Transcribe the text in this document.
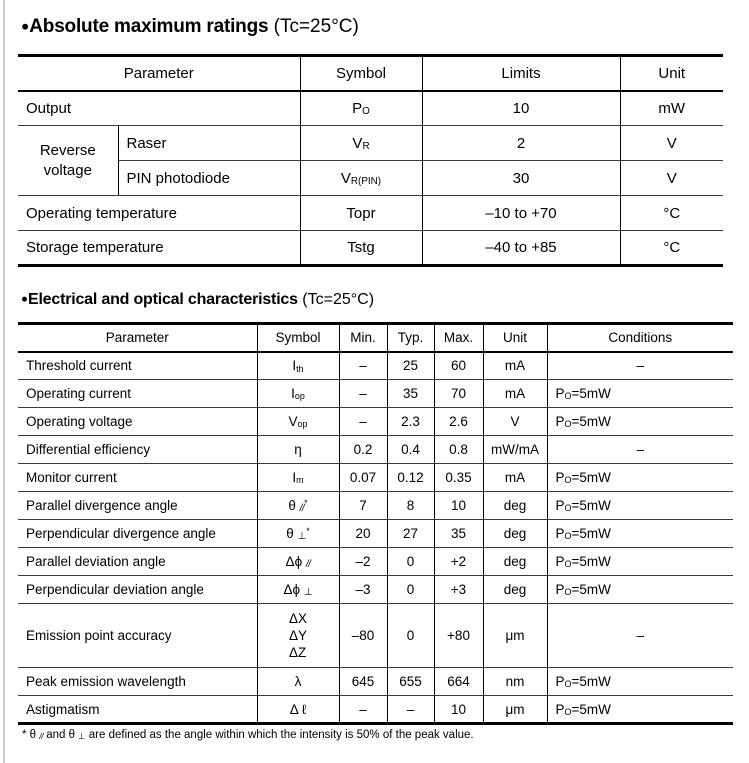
●Absolute maximum ratings (Tc=25°C)
Parameter		Symbol	Limits	Unit
Output		PO	10	mW
Reverse voltage	Raser	VR	2	V
	PIN photodiode	VR(PIN)	30	V
Operating temperature		Topr	–10 to +70	°C
Storage temperature		Tstg	–40 to +85	°C
●Electrical and optical characteristics (Tc=25°C)
Parameter	Symbol	Min.	Typ.	Max.	Unit	Conditions
Threshold current	Ith	–	25	60	mA	–
Operating current	Iop	–	35	70	mA	PO=5mW
Operating voltage	Vop	–	2.3	2.6	V	PO=5mW
Differential efficiency	η	0.2	0.4	0.8	mW/mA	–
Monitor current	Im	0.07	0.12	0.35	mA	PO=5mW
Parallel divergence angle	θ //*	7	8	10	deg	PO=5mW
Perpendicular divergence angle	θ ⊥*	20	27	35	deg	PO=5mW
Parallel deviation angle	Δϕ //	–2	0	+2	deg	PO=5mW
Perpendicular deviation angle	Δϕ ⊥	–3	0	+3	deg	PO=5mW
Emission point accuracy	ΔX
ΔY
ΔZ	–80	0	+80	μm	–
Peak emission wavelength	λ	645	655	664	nm	PO=5mW
Astigmatism	Δ ℓ	–	–	10	μm	PO=5mW
* θ // and θ ⊥ are defined as the angle within which the intensity is 50% of the peak value.
